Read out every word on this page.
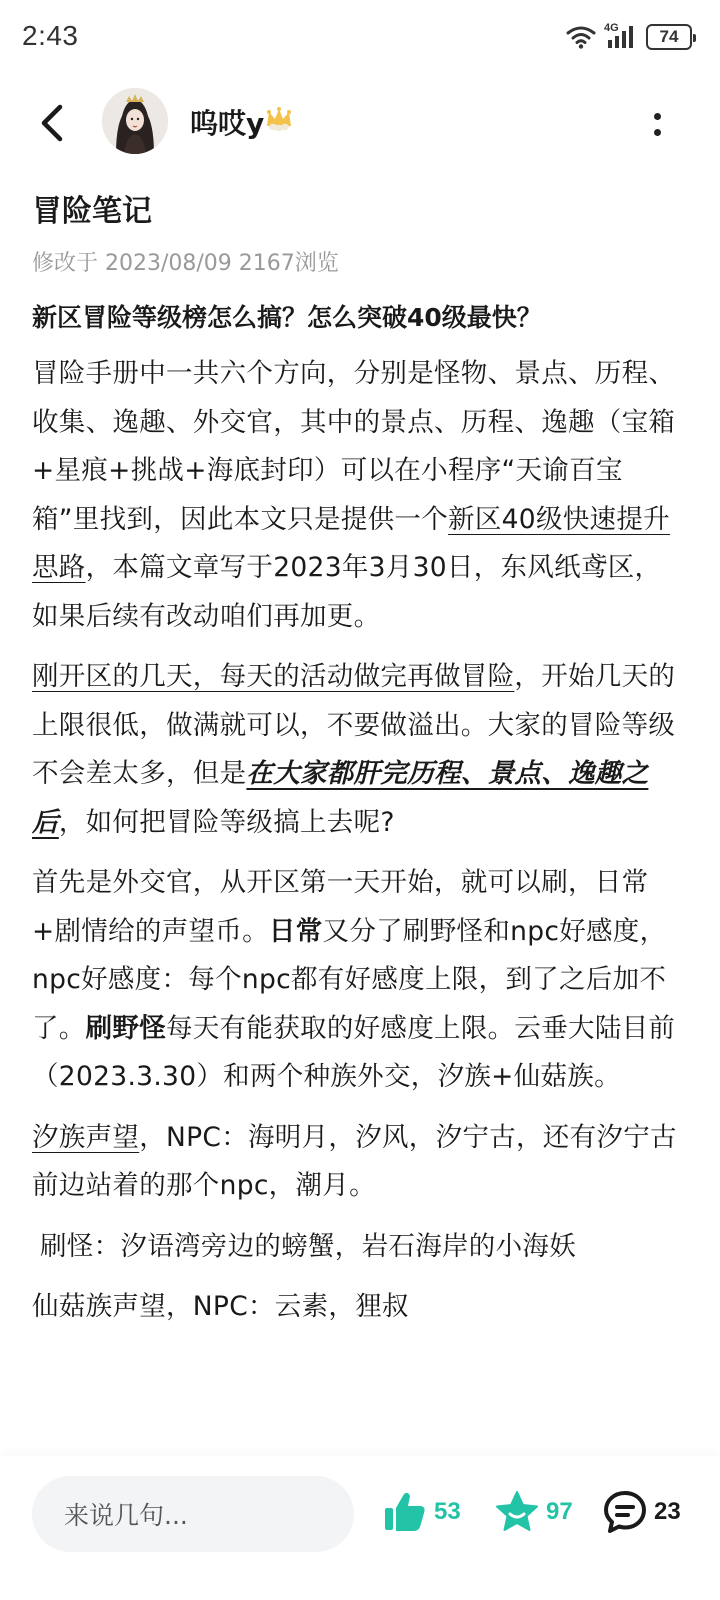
2:43	4G 74
呜哎y
冒险笔记
修改于 2023/08/09 2167浏览
新区冒险等级榜怎么搞？怎么突破40级最快？

冒险手册中一共六个方向，分别是怪物、景点、历程、收集、逸趣、外交官，其中的景点、历程、逸趣（宝箱+星痕+挑战+海底封印）可以在小程序“天谕百宝箱”里找到，因此本文只是提供一个新区40级快速提升思路，本篇文章写于2023年3月30日，东风纸鸢区，如果后续有改动咱们再加更。

刚开区的几天，每天的活动做完再做冒险，开始几天的上限很低，做满就可以，不要做溢出。大家的冒险等级不会差太多，但是在大家都肝完历程、景点、逸趣之后，如何把冒险等级搞上去呢?

首先是外交官，从开区第一天开始，就可以刷，日常+剧情给的声望币。日常又分了刷野怪和npc好感度，npc好感度：每个npc都有好感度上限，到了之后加不了。刷野怪每天有能获取的好感度上限。云垂大陆目前（2023.3.30）和两个种族外交，汐族+仙菇族。

汐族声望，NPC：海明月，汐风，汐宁古，还有汐宁古前边站着的那个npc，潮月。

刷怪：汐语湾旁边的螃蟹，岩石海岸的小海妖

仙菇族声望，NPC：云素，狸叔

来说几句...	53	97	23
